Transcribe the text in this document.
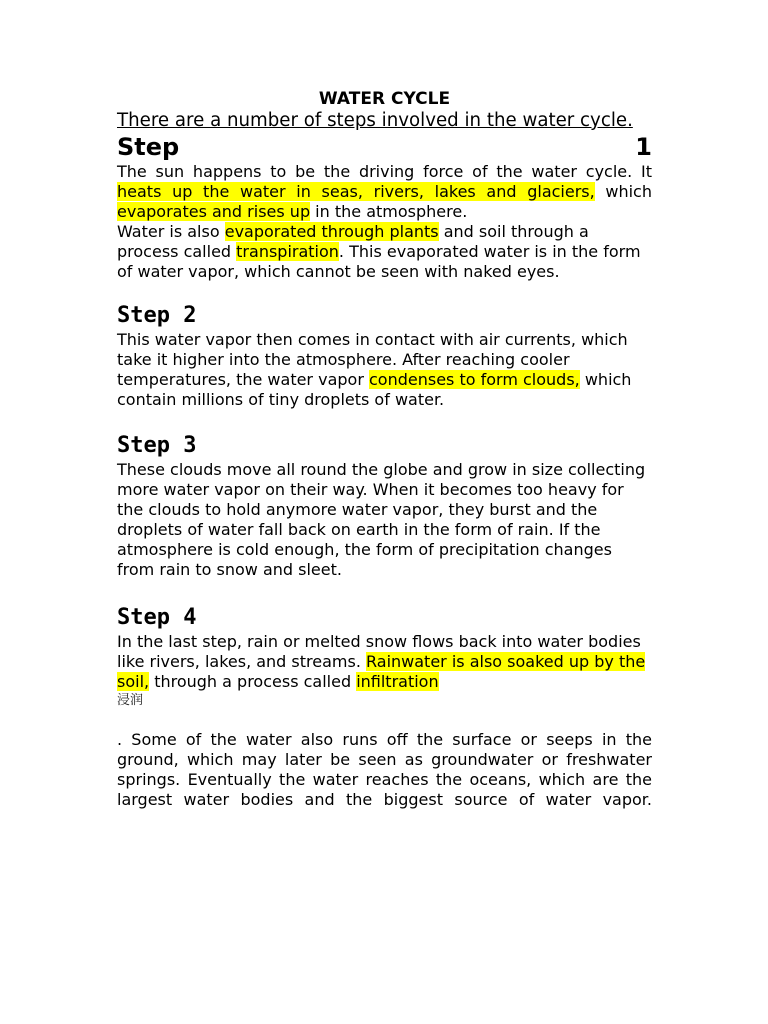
WATER CYCLE

There are a number of steps involved in the water cycle.

Step	1

The sun happens to be the driving force of the water cycle. It heats up the water in seas, rivers, lakes and glaciers, which evaporates and rises up in the atmosphere.

Water is also evaporated through plants and soil through a process called transpiration. This evaporated water is in the form of water vapor, which cannot be seen with naked eyes.

Step 2

This water vapor then comes in contact with air currents, which take it higher into the atmosphere. After reaching cooler temperatures, the water vapor condenses to form clouds, which contain millions of tiny droplets of water.

Step 3

These clouds move all round the globe and grow in size collecting more water vapor on their way. When it becomes too heavy for the clouds to hold anymore water vapor, they burst and the droplets of water fall back on earth in the form of rain. If the atmosphere is cold enough, the form of precipitation changes from rain to snow and sleet.

Step 4

In the last step, rain or melted snow flows back into water bodies like rivers, lakes, and streams. Rainwater is also soaked up by the soil, through a process called infiltration

浸润

. Some of the water also runs off the surface or seeps in the ground, which may later be seen as groundwater or freshwater springs. Eventually the water reaches the oceans, which are the largest water bodies and the biggest source of water vapor.
